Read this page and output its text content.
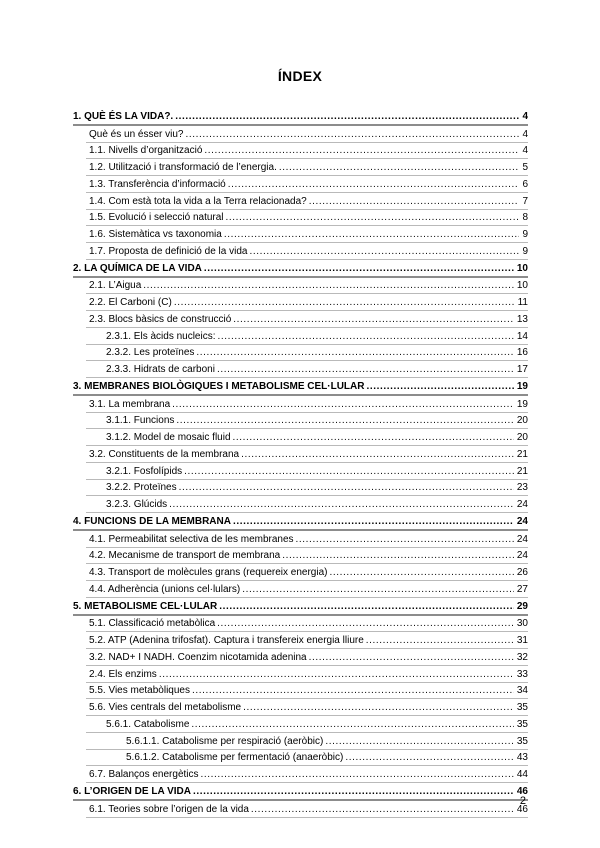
ÍNDEX
1. QUÈ ÉS LA VIDA?. .....	4
Què és un ésser viu? .....	4
1.1. Nivells d’organització .....	4
1.2. Utilització i transformació de l’energia. .....	5
1.3. Transferència d’informació .....	6
1.4. Com està tota la vida a la Terra relacionada? .....	7
1.5. Evolució i selecció natural .....	8
1.6. Sistemàtica vs taxonomia .....	9
1.7. Proposta de definició de la vida .....	9
2. LA QUÍMICA DE LA VIDA .....	10
2.1. L’Aigua .....	10
2.2. El Carboni (C) .....	11
2.3. Blocs bàsics de construcció .....	13
2.3.1. Els àcids nucleics: .....	14
2.3.2. Les proteïnes .....	16
2.3.3. Hidrats de carboni .....	17
3. MEMBRANES BIOLÒGIQUES I METABOLISME CEL·LULAR .....	19
3.1. La membrana .....	19
3.1.1. Funcions .....	20
3.1.2. Model de mosaic fluid .....	20
3.2. Constituents de la membrana .....	21
3.2.1. Fosfolípids .....	21
3.2.2. Proteïnes .....	23
3.2.3. Glúcids .....	24
4. FUNCIONS DE LA MEMBRANA .....	24
4.1. Permeabilitat selectiva de les membranes .....	24
4.2. Mecanisme de transport de membrana .....	24
4.3. Transport de molècules grans (requereix energia) .....	26
4.4. Adherència (unions cel·lulars) .....	27
5. METABOLISME CEL·LULAR .....	29
5.1. Classificació metabòlica .....	30
5.2. ATP (Adenina trifosfat). Captura i transfereix energia lliure .....	31
3.2. NAD+ I NADH. Coenzim nicotamida adenina .....	32
2.4. Els enzims .....	33
5.5. Vies metabòliques .....	34
5.6. Vies centrals del metabolisme .....	35
5.6.1. Catabolisme .....	35
5.6.1.1. Catabolisme per respiració (aeròbic) .....	35
5.6.1.2. Catabolisme per fermentació (anaeròbic) .....	43
6.7. Balanços energètics .....	44
6. L’ORIGEN DE LA VIDA .....	46
6.1. Teories sobre l’origen de la vida .....	46
2
